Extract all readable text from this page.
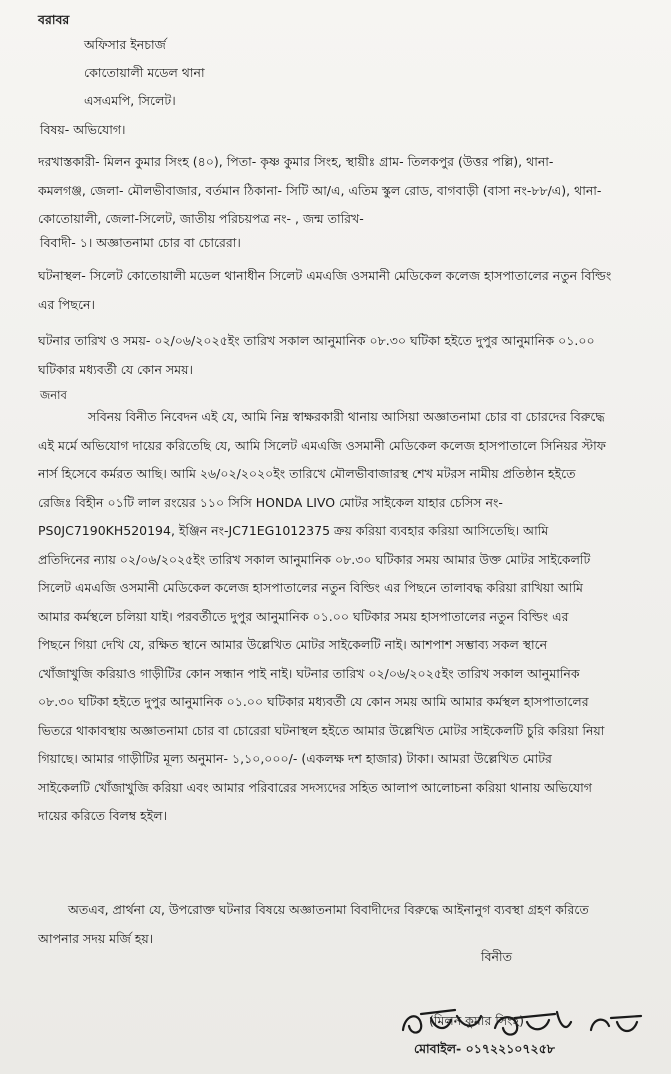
বরাবর
অফিসার ইনচার্জ
কোতোয়ালী মডেল থানা
এসএমপি, সিলেট।
বিষয়- অভিযোগ।
দরখাস্তকারী- মিলন কুমার সিংহ (৪০), পিতা- কৃষ্ণ কুমার সিংহ, স্থায়ীঃ গ্রাম- তিলকপুর (উত্তর পল্লি), থানা-
কমলগঞ্জ, জেলা- মৌলভীবাজার, বর্তমান ঠিকানা- সিটি আ/এ, এতিম স্কুল রোড, বাগবাড়ী (বাসা নং-৮৮/এ), থানা-
কোতোয়ালী, জেলা-সিলেট, জাতীয় পরিচয়পত্র নং- , জন্ম তারিখ-
বিবাদী- ১। অজ্ঞাতনামা চোর বা চোরেরা।
ঘটনাস্থল- সিলেট কোতোয়ালী মডেল থানাধীন সিলেট এমএজি ওসমানী মেডিকেল কলেজ হাসপাতালের নতুন বিল্ডিং
এর পিছনে।
ঘটনার তারিখ ও সময়- ০২/০৬/২০২৫ইং তারিখ সকাল আনুমানিক ০৮.৩০ ঘটিকা হইতে দুপুর আনুমানিক ০১.০০
ঘটিকার মধ্যবর্তী যে কোন সময়।
জনাব
সবিনয় বিনীত নিবেদন এই যে, আমি নিম্ন স্বাক্ষরকারী থানায় আসিয়া অজ্ঞাতনামা চোর বা চোরদের বিরুদ্ধে
এই মর্মে অভিযোগ দায়ের করিতেছি যে, আমি সিলেট এমএজি ওসমানী মেডিকেল কলেজ হাসপাতালে সিনিয়র স্টাফ
নার্স হিসেবে কর্মরত আছি। আমি ২৬/০২/২০২০ইং তারিখে মৌলভীবাজারস্থ শেখ মটরস নামীয় প্রতিষ্ঠান হইতে
রেজিঃ বিহীন ০১টি লাল রংয়ের ১১০ সিসি HONDA LIVO মোটর সাইকেল যাহার চেসিস নং-
PS0JC7190KH520194, ইঞ্জিন নং-JC71EG1012375 ক্রয় করিয়া ব্যবহার করিয়া আসিতেছি। আমি
প্রতিদিনের ন্যায় ০২/০৬/২০২৫ইং তারিখ সকাল আনুমানিক ০৮.৩০ ঘটিকার সময় আমার উক্ত মোটর সাইকেলটি
সিলেট এমএজি ওসমানী মেডিকেল কলেজ হাসপাতালের নতুন বিল্ডিং এর পিছনে তালাবদ্ধ করিয়া রাখিয়া আমি
আমার কর্মস্থলে চলিয়া যাই। পরবর্তীতে দুপুর আনুমানিক ০১.০০ ঘটিকার সময় হাসপাতালের নতুন বিল্ডিং এর
পিছনে গিয়া দেখি যে, রক্ষিত স্থানে আমার উল্লেখিত মোটর সাইকেলটি নাই। আশপাশ সম্ভাব্য সকল স্থানে
খোঁজাখুজি করিয়াও গাড়ীটির কোন সন্ধান পাই নাই। ঘটনার তারিখ ০২/০৬/২০২৫ইং তারিখ সকাল আনুমানিক
০৮.৩০ ঘটিকা হইতে দুপুর আনুমানিক ০১.০০ ঘটিকার মধ্যবর্তী যে কোন সময় আমি আমার কর্মস্থল হাসপাতালের
ভিতরে থাকাবস্থায় অজ্ঞাতনামা চোর বা চোরেরা ঘটনাস্থল হইতে আমার উল্লেখিত মোটর সাইকেলটি চুরি করিয়া নিয়া
গিয়াছে। আমার গাড়ীটির মূল্য অনুমান- ১,১০,০০০/- (একলক্ষ দশ হাজার) টাকা। আমরা উল্লেখিত মোটর
সাইকেলটি খোঁজাখুজি করিয়া এবং আমার পরিবারের সদস্যদের সহিত আলাপ আলোচনা করিয়া থানায় অভিযোগ
দায়ের করিতে বিলম্ব হইল।
অতএব, প্রার্থনা যে, উপরোক্ত ঘটনার বিষয়ে অজ্ঞাতনামা বিবাদীদের বিরুদ্ধে আইনানুগ ব্যবস্থা গ্রহণ করিতে
আপনার সদয় মর্জি হয়।
বিনীত
(মিলন কুমার সিংহ)
মোবাইল- ০১৭২২১০৭২৫৮
